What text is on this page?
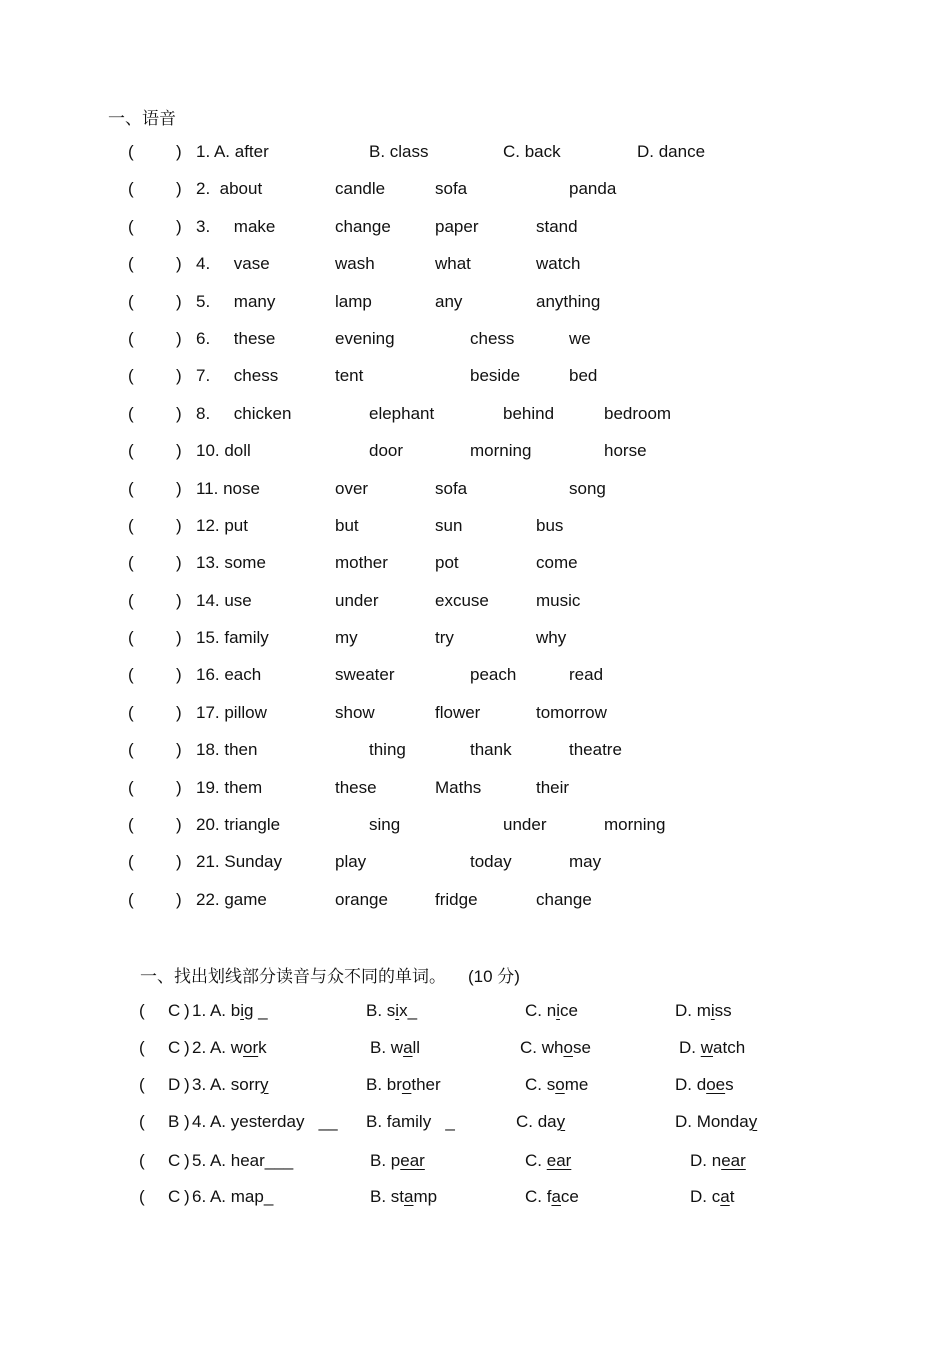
一、语音
( ) 1. A. after	B. class	C. back	D. dance
( ) 2.  about	candle	sofa	panda
( ) 3.     make	change	paper	stand
( ) 4.     vase	wash	what	watch
( ) 5.     many	lamp	any	anything
( ) 6.     these	evening	chess	we
( ) 7.     chess	tent	beside	bed
( ) 8.     chicken	elephant	behind	bedroom
( ) 10. doll	door	morning	horse
( ) 11. nose	over	sofa	song
( ) 12. put	but	sun	bus
( ) 13. some	mother	pot	come
( ) 14. use	under	excuse	music
( ) 15. family	my	try	why
( ) 16. each	sweater	peach	read
( ) 17. pillow	show	flower	tomorrow
( ) 18. then	thing	thank	theatre
( ) 19. them	these	Maths	their
( ) 20. triangle	sing	under	morning
( ) 21. Sunday	play	today	may
( ) 22. game	orange	fridge	change
一、找出划线部分读音与众不同的单词。 (10 分)
( C ) 1. A. big _	B. six_	C. nice	D. miss
( C ) 2. A. work	B. wall	C. whose	D. watch
( D ) 3. A. sorry	B. brother	C. some	D. does
( B ) 4. A. yesterday   __ B. family   _	C. day	D. Monday
( C ) 5. A. hear___	B. pear	C. ear	D. near
( C ) 6. A. map_	B. stamp	C. face	D. cat
